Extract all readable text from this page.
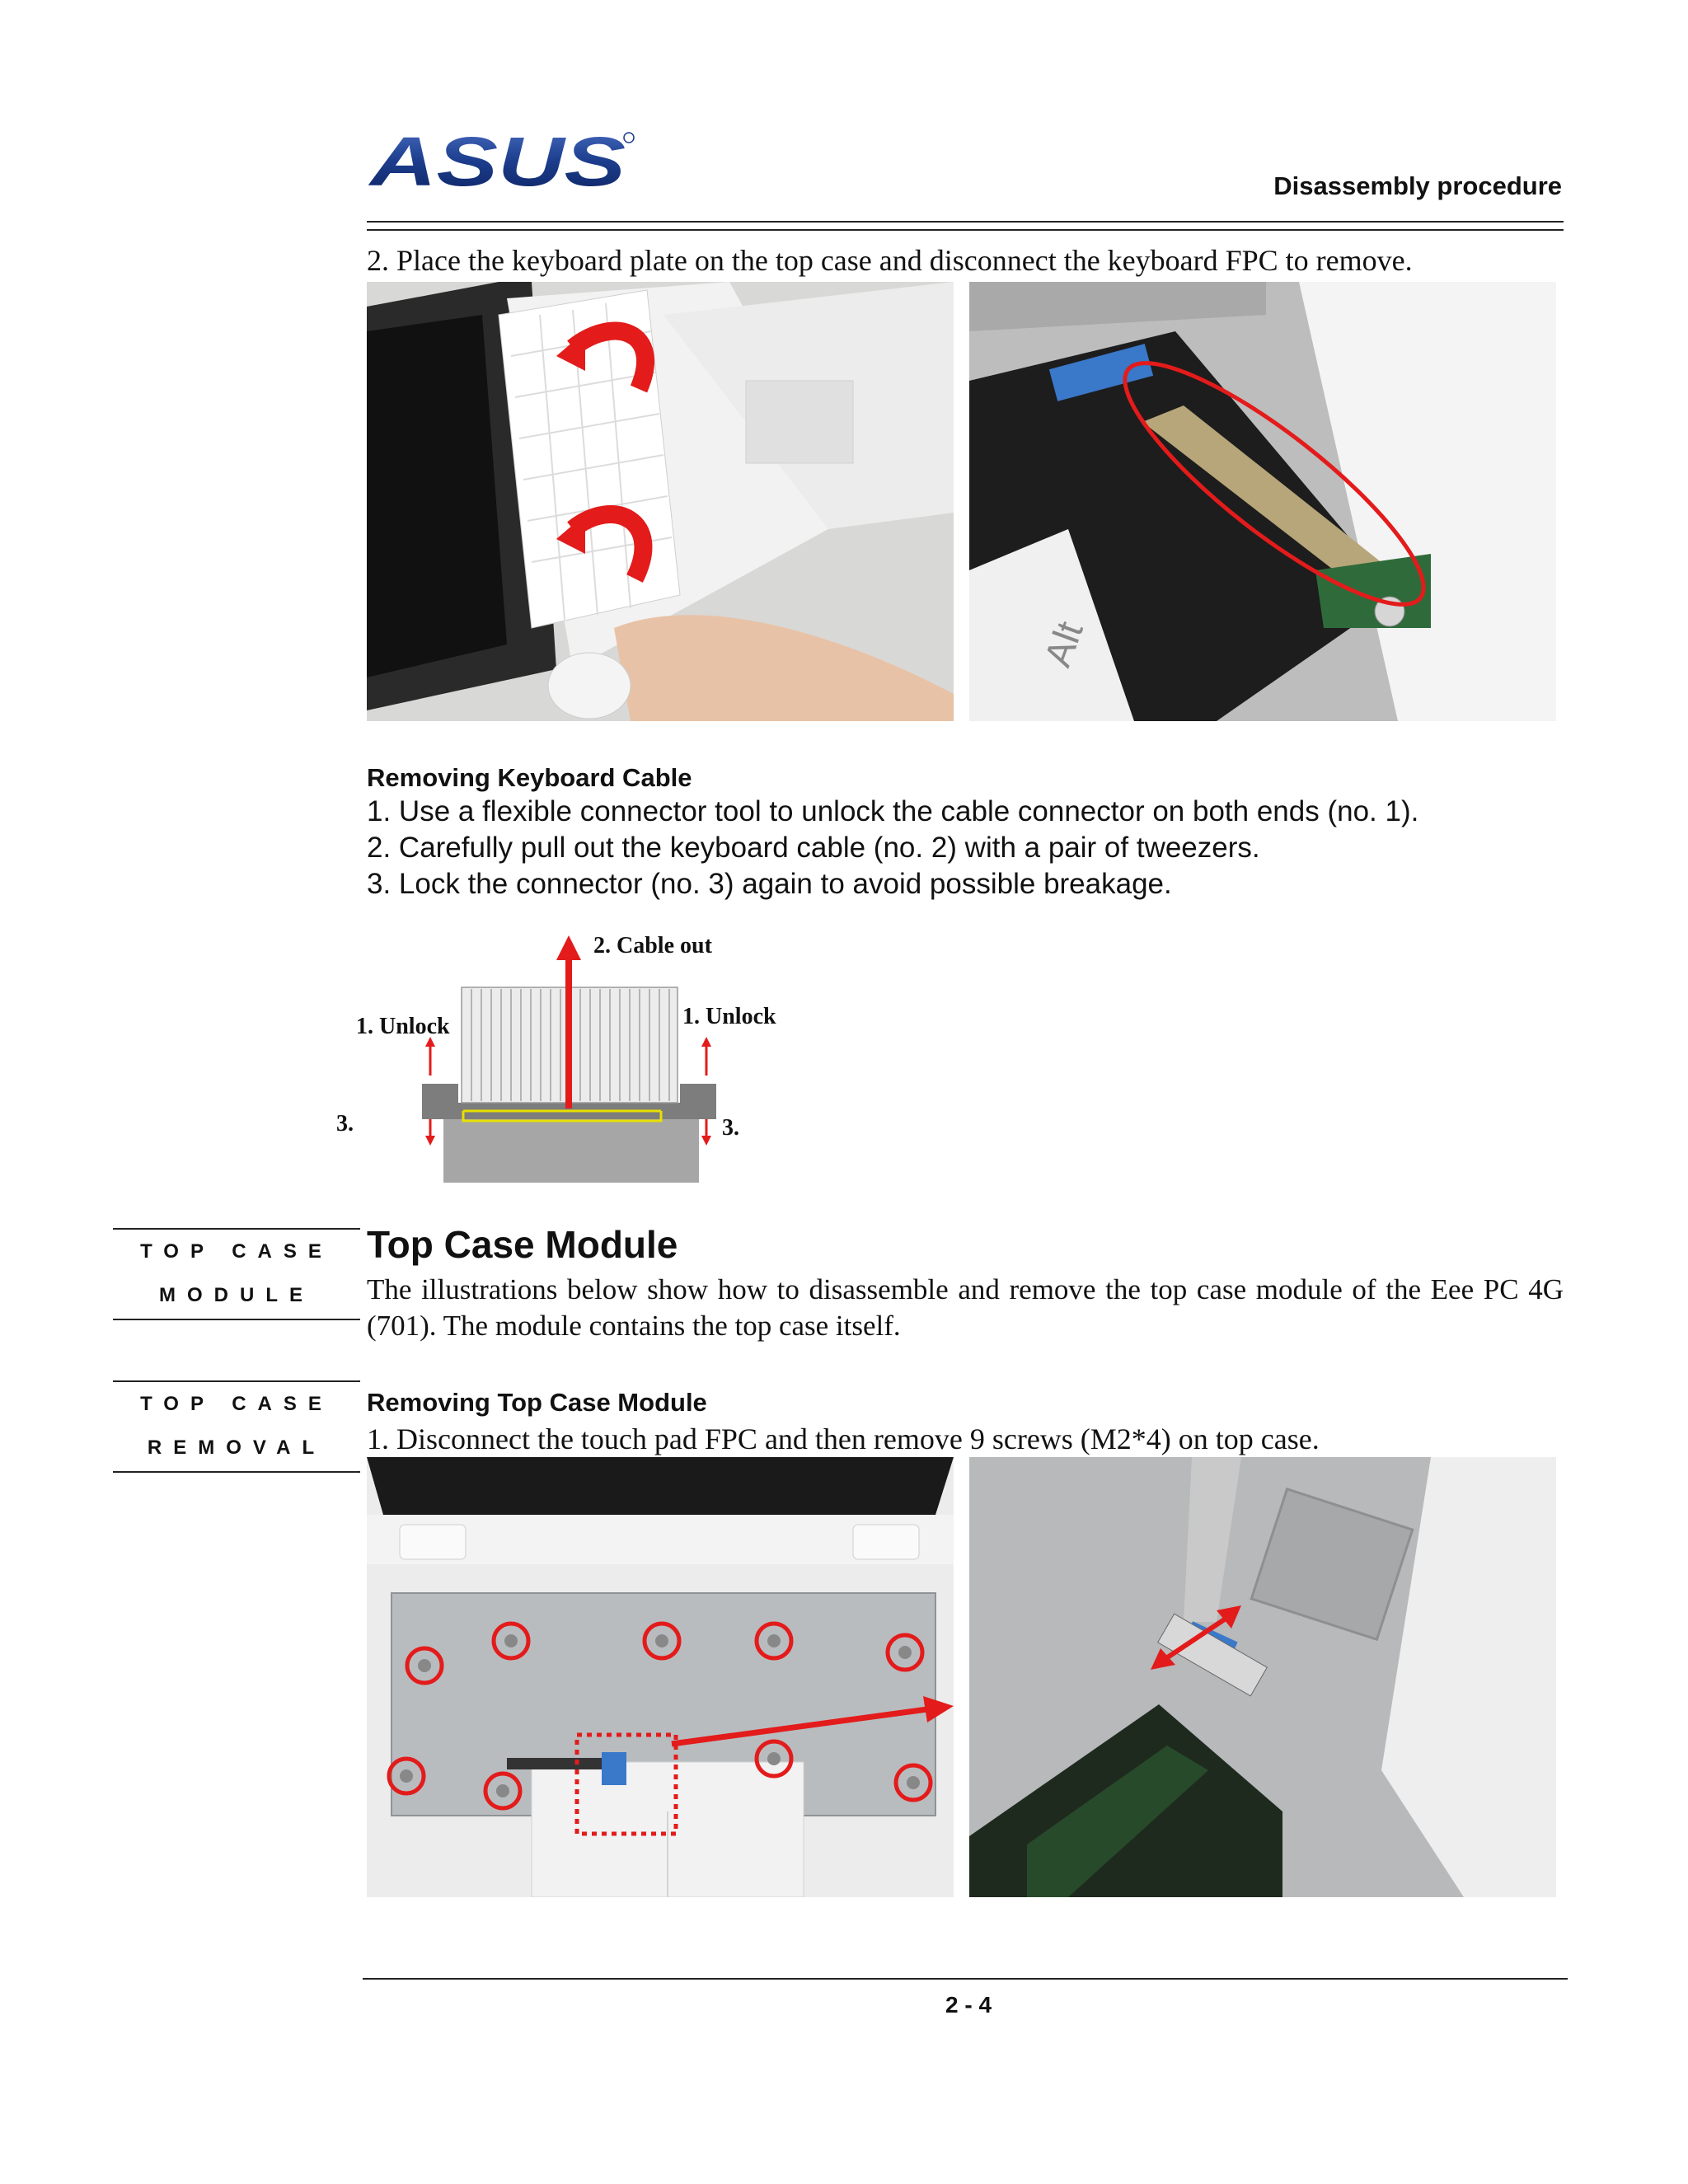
ASUS	Disassembly procedure
2. Place the keyboard plate on the top case and disconnect the keyboard FPC to remove.
Alt
Removing Keyboard Cable
1. Use a flexible connector tool to unlock the cable connector on both ends (no. 1).
2. Carefully pull out the keyboard cable (no. 2) with a pair of tweezers.
3. Lock the connector (no. 3) again to avoid possible breakage.
2. Cable out
1. Unlock	1. Unlock
3.	3.
TOP CASE
MODULE
Top Case Module
The illustrations below show how to disassemble and remove the top case module of the Eee PC 4G (701). The module contains the top case itself.
TOP CASE
REMOVAL
Removing Top Case Module
1. Disconnect the touch pad FPC and then remove 9 screws (M2*4) on top case.
2 - 4
